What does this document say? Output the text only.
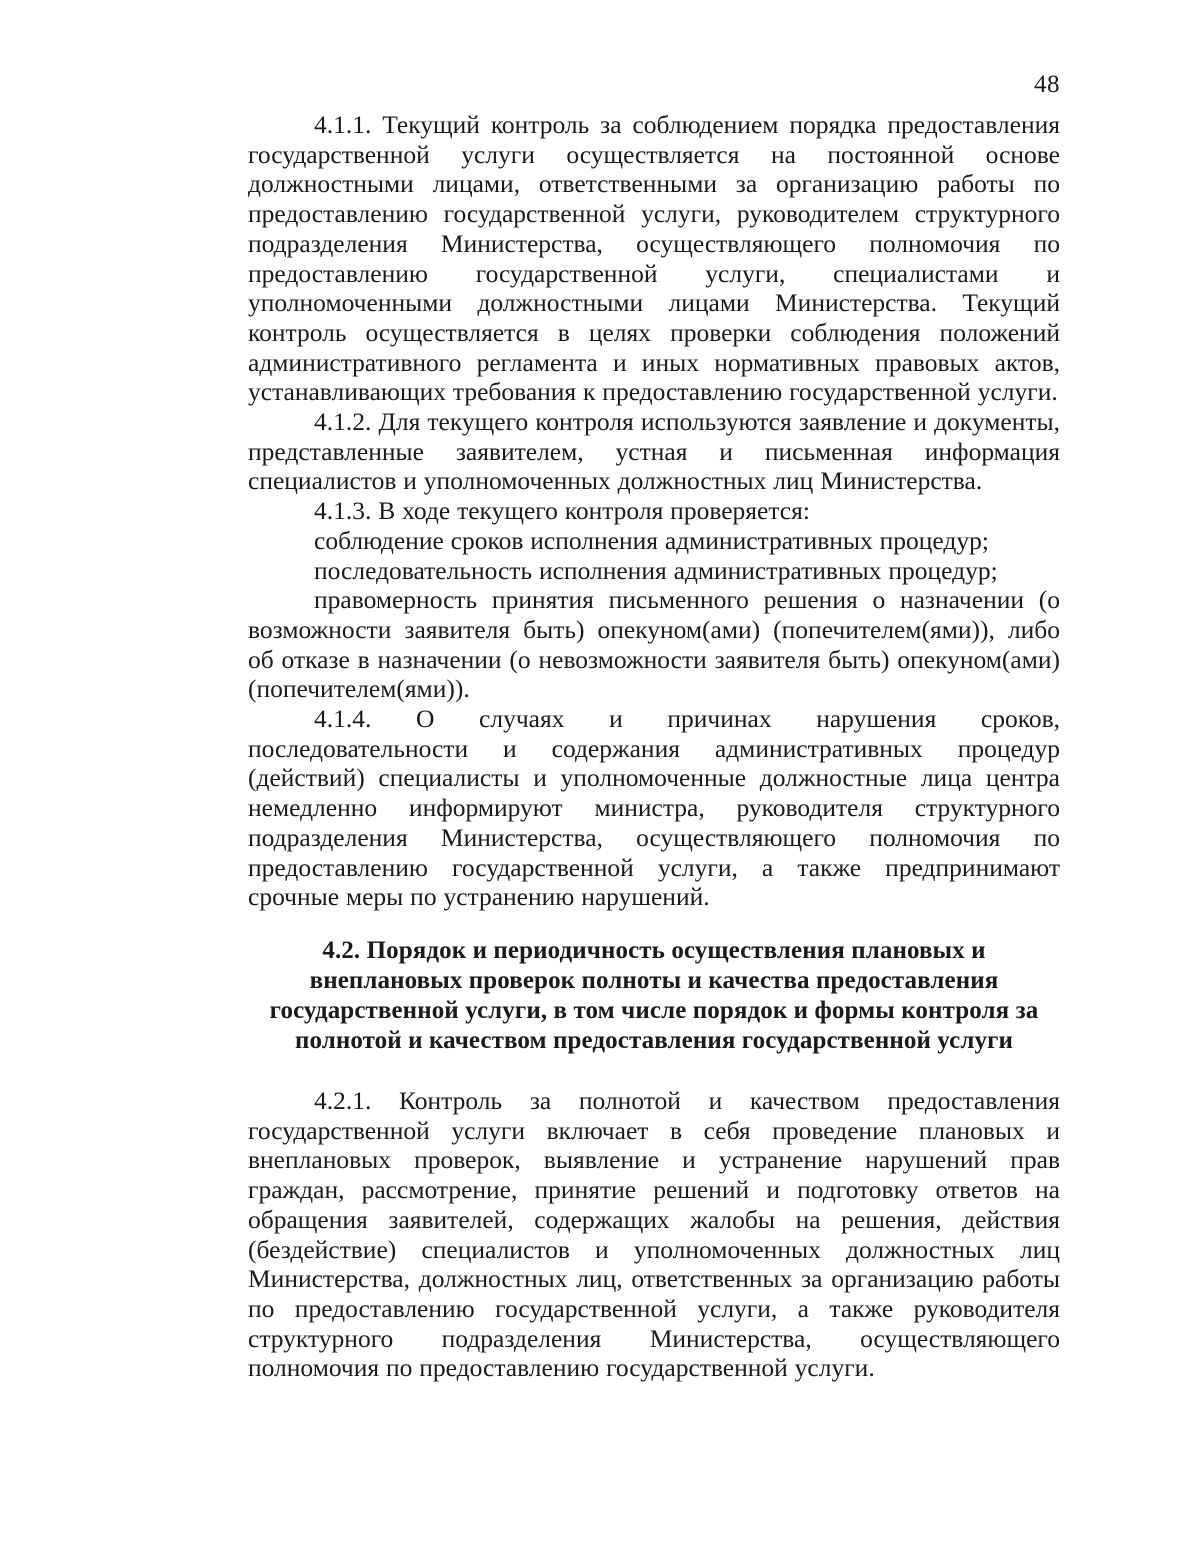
48

4.1.1. Текущий контроль за соблюдением порядка предоставления государственной услуги осуществляется на постоянной основе должностными лицами, ответственными за организацию работы по предоставлению государственной услуги, руководителем структурного подразделения Министерства, осуществляющего полномочия по предоставлению государственной услуги, специалистами и уполномоченными должностными лицами Министерства. Текущий контроль осуществляется в целях проверки соблюдения положений административного регламента и иных нормативных правовых актов, устанавливающих требования к предоставлению государственной услуги.

4.1.2. Для текущего контроля используются заявление и документы, представленные заявителем, устная и письменная информация специалистов и уполномоченных должностных лиц Министерства.

4.1.3. В ходе текущего контроля проверяется:

соблюдение сроков исполнения административных процедур;

последовательность исполнения административных процедур;

правомерность принятия письменного решения о назначении (о возможности заявителя быть) опекуном(ами) (попечителем(ями)), либо об отказе в назначении (о невозможности заявителя быть) опекуном(ами) (попечителем(ями)).

4.1.4. О случаях и причинах нарушения сроков, последовательности и содержания административных процедур (действий) специалисты и уполномоченные должностные лица центра немедленно информируют министра, руководителя структурного подразделения Министерства, осуществляющего полномочия по предоставлению государственной услуги, а также предпринимают срочные меры по устранению нарушений.

4.2. Порядок и периодичность осуществления плановых и
внеплановых проверок полноты и качества предоставления
государственной услуги, в том числе порядок и формы контроля за
полнотой и качеством предоставления государственной услуги

4.2.1. Контроль за полнотой и качеством предоставления государственной услуги включает в себя проведение плановых и внеплановых проверок, выявление и устранение нарушений прав граждан, рассмотрение, принятие решений и подготовку ответов на обращения заявителей, содержащих жалобы на решения, действия (бездействие) специалистов и уполномоченных должностных лиц Министерства, должностных лиц, ответственных за организацию работы по предоставлению государственной услуги, а также руководителя структурного подразделения Министерства, осуществляющего полномочия по предоставлению государственной услуги.
